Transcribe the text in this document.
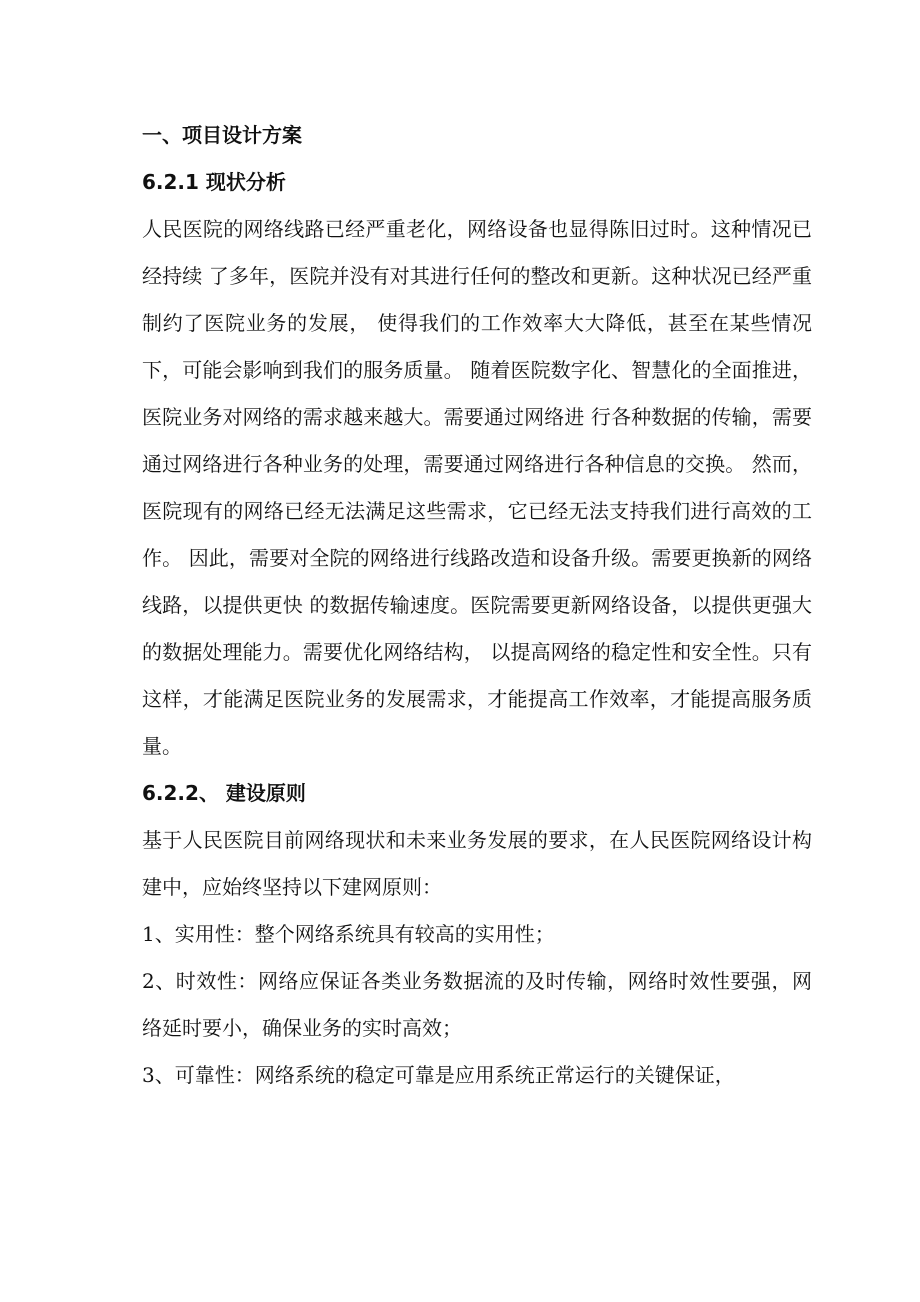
一、项目设计方案

6.2.1 现状分析

人民医院的网络线路已经严重老化，网络设备也显得陈旧过时。这种情况已经持续 了多年，医院并没有对其进行任何的整改和更新。这种状况已经严重制约了医院业务的发展， 使得我们的工作效率大大降低，甚至在某些情况下，可能会影响到我们的服务质量。 随着医院数字化、智慧化的全面推进，医院业务对网络的需求越来越大。需要通过网络进 行各种数据的传输，需要通过网络进行各种业务的处理，需要通过网络进行各种信息的交换。 然而，医院现有的网络已经无法满足这些需求，它已经无法支持我们进行高效的工作。 因此，需要对全院的网络进行线路改造和设备升级。需要更换新的网络线路，以提供更快 的数据传输速度。医院需要更新网络设备，以提供更强大的数据处理能力。需要优化网络结构， 以提高网络的稳定性和安全性。只有这样，才能满足医院业务的发展需求，才能提高工作效率，才能提高服务质量。

6.2.2、 建设原则

基于人民医院目前网络现状和未来业务发展的要求，在人民医院网络设计构 建中，应始终坚持以下建网原则：

1、实用性：整个网络系统具有较高的实用性；

2、时效性：网络应保证各类业务数据流的及时传输，网络时效性要强，网络延时要小，确保业务的实时高效；

3、可靠性：网络系统的稳定可靠是应用系统正常运行的关键保证，
